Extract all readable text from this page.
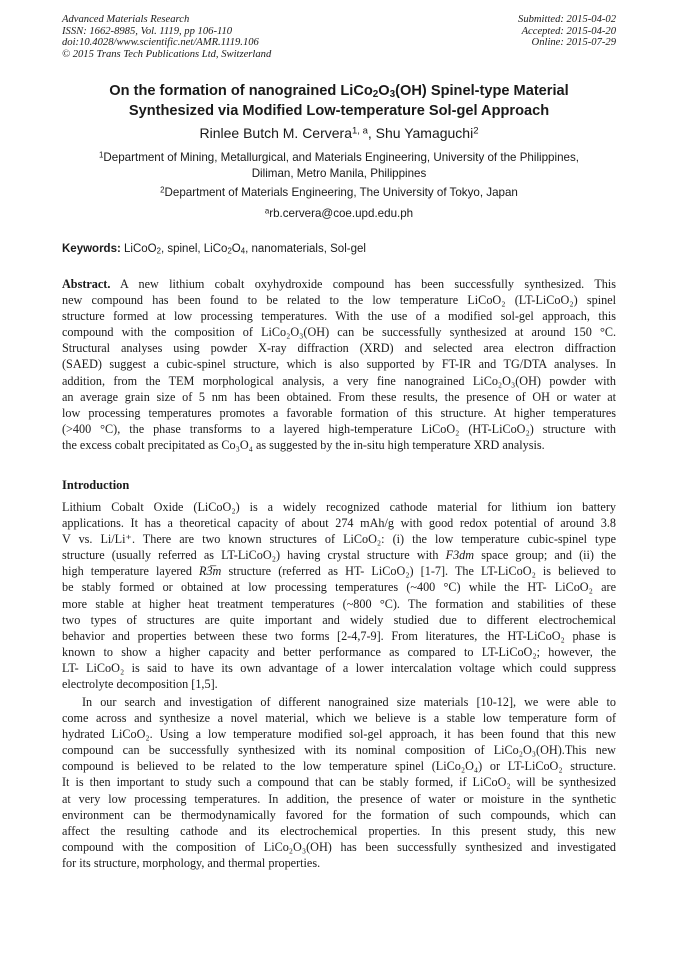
Advanced Materials Research
ISSN: 1662-8985, Vol. 1119, pp 106-110
doi:10.4028/www.scientific.net/AMR.1119.106
© 2015 Trans Tech Publications Ltd, Switzerland
Submitted: 2015-04-02
Accepted: 2015-04-20
Online: 2015-07-29
On the formation of nanograined $LiCo_2O_3(OH)$ Spinel-type Material
Synthesized via Modified Low-temperature Sol-gel Approach
Rinlee Butch M. Cervera$^{1, a}$, Shu Yamaguchi$^2$
$^1$Department of Mining, Metallurgical, and Materials Engineering, University of the Philippines,
Diliman, Metro Manila, Philippines
$^2$Department of Materials Engineering, The University of Tokyo, Japan
$^a$rb.cervera@coe.upd.edu.ph
Keywords: LiCoO$_2$, spinel, $LiCo_2O_4$, nanomaterials, Sol-gel
Abstract. A new lithium cobalt oxyhydroxide compound has been successfully synthesized. This
new compound has been found to be related to the low temperature LiCoO₂ (LT-LiCoO₂) spinel
structure formed at low processing temperatures. With the use of a modified sol-gel approach, this
compound with the composition of LiCo₂O₃(OH) can be successfully synthesized at around 150 °C.
Structural analyses using powder X-ray diffraction (XRD) and selected area electron diffraction
(SAED) suggest a cubic-spinel structure, which is also supported by FT-IR and TG/DTA analyses. In
addition, from the TEM morphological analysis, a very fine nanograined LiCo₂O₃(OH) powder with
an average grain size of 5 nm has been obtained. From these results, the presence of OH or water at
low processing temperatures promotes a favorable formation of this structure. At higher temperatures
(>400 °C), the phase transforms to a layered high-temperature LiCoO₂ (HT-LiCoO₂) structure with
the excess cobalt precipitated as Co₃O₄ as suggested by the in-situ high temperature XRD analysis.
Introduction
Lithium Cobalt Oxide (LiCoO₂) is a widely recognized cathode material for lithium ion battery
applications. It has a theoretical capacity of about 274 mAh/g with good redox potential of around 3.8
V vs. Li/Li⁺. There are two known structures of LiCoO₂: (i) the low temperature cubic-spinel type
structure (usually referred as LT-LiCoO₂) having crystal structure with F3dm space group; and (ii) the
high temperature layered R3̅m structure (referred as HT- LiCoO₂) [1-7]. The LT-LiCoO₂ is believed to
be stably formed or obtained at low processing temperatures (~400 °C) while the HT- LiCoO₂ are
more stable at higher heat treatment temperatures (~800 °C). The formation and stabilities of these
two types of structures are quite important and widely studied due to different electrochemical
behavior and properties between these two forms [2-4,7-9]. From literatures, the HT-LiCoO₂ phase is
known to show a higher capacity and better performance as compared to LT-LiCoO₂; however, the
LT- LiCoO₂ is said to have its own advantage of a lower intercalation voltage which could suppress
electrolyte decomposition [1,5].
In our search and investigation of different nanograined size materials [10-12], we were able to
come across and synthesize a novel material, which we believe is a stable low temperature form of
hydrated LiCoO₂. Using a low temperature modified sol-gel approach, it has been found that this new
compound can be successfully synthesized with its nominal composition of LiCo₂O₃(OH).This new
compound is believed to be related to the low temperature spinel (LiCo₂O₄) or LT-LiCoO₂ structure.
It is then important to study such a compound that can be stably formed, if LiCoO₂ will be synthesized
at very low processing temperatures. In addition, the presence of water or moisture in the synthetic
environment can be thermodynamically favored for the formation of such compounds, which can
affect the resulting cathode and its electrochemical properties. In this present study, this new
compound with the composition of LiCo₂O₃(OH) has been successfully synthesized and investigated
for its structure, morphology, and thermal properties.
